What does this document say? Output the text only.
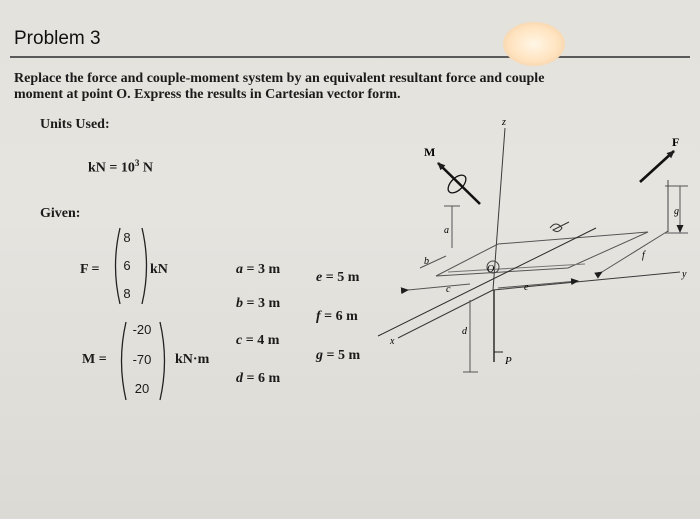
Problem 3
Replace the force and couple-moment system by an equivalent resultant force and couple
moment at point O. Express the results in Cartesian vector form.
Units Used:
kN = $10^3$ N
Given:
F =
8
6
8
kN
M =
-20
-70
20
kN·m
a = 3 m
b = 3 m
c = 4 m
d = 6 m
e = 5 m
f = 6 m
g = 5 m
M
F
z
y
x
O
P
a
b
c
d
e
f
g
